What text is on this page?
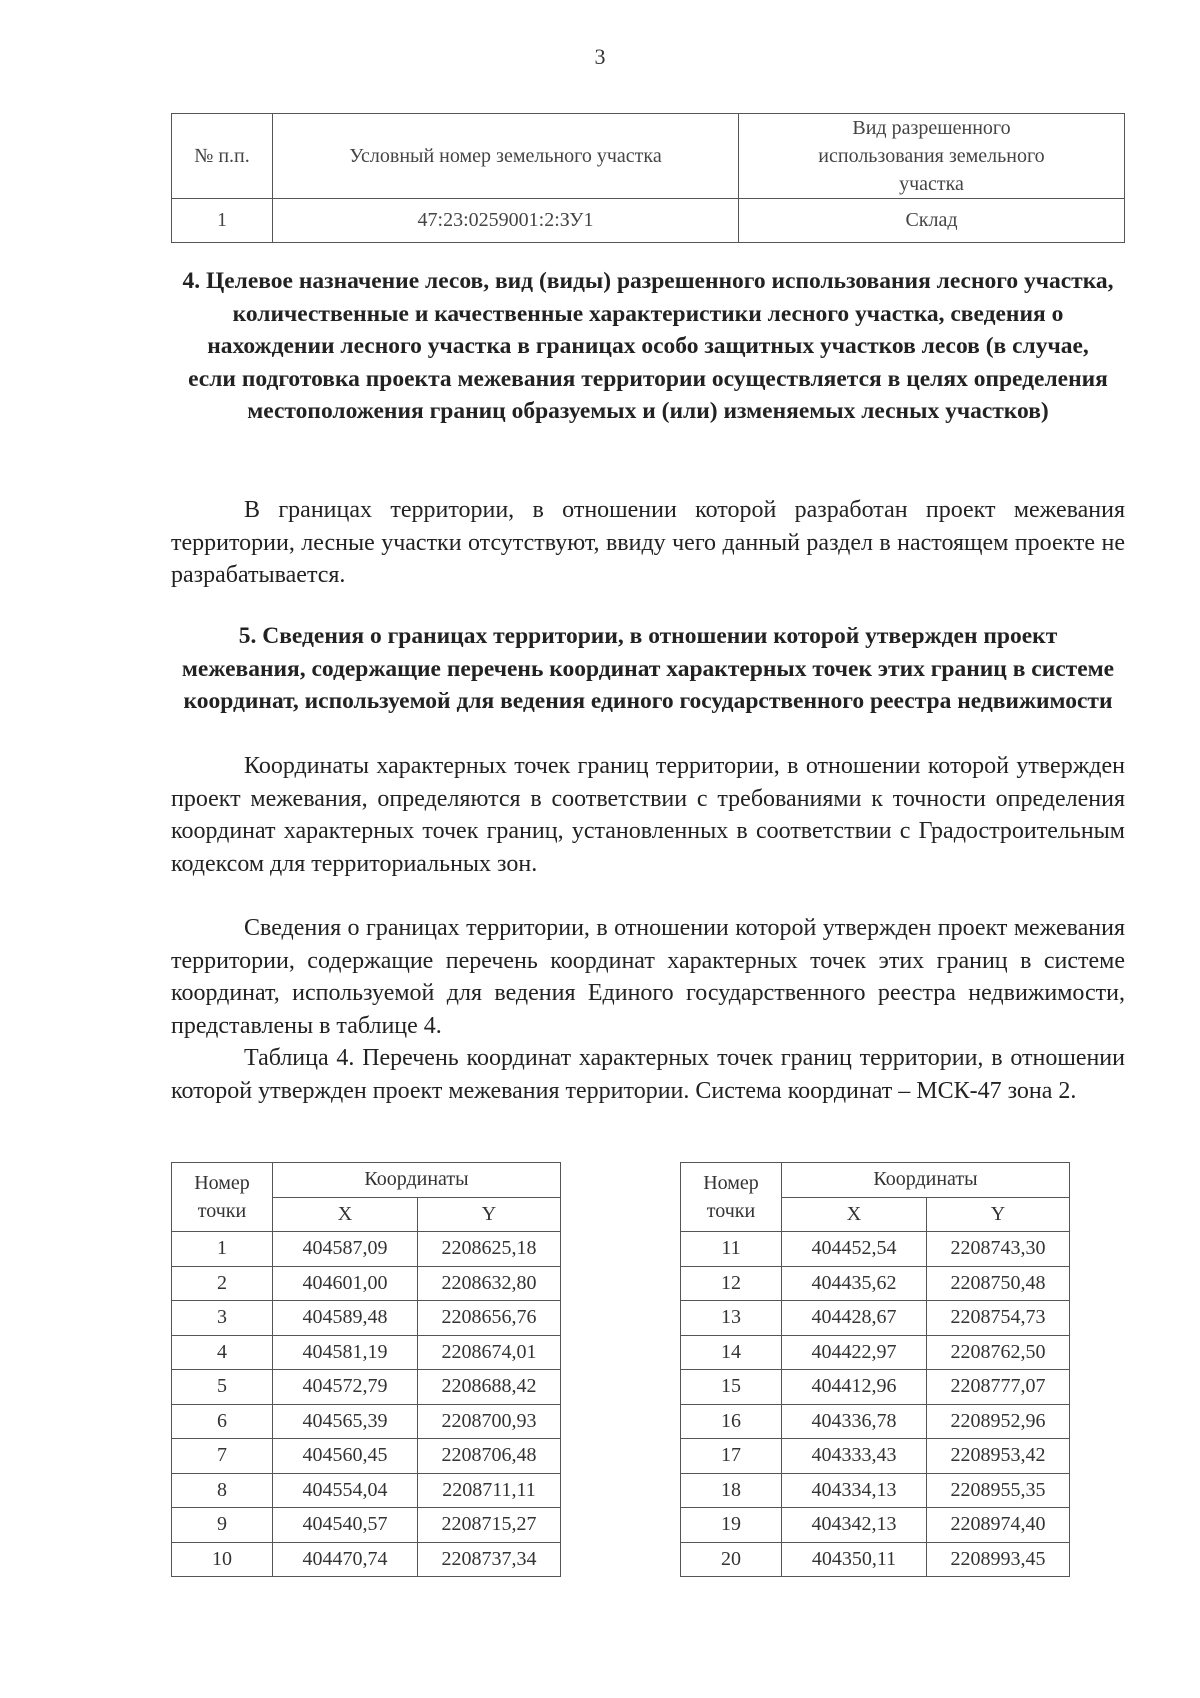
3
№ п.п.	Условный номер земельного участка	Вид разрешенного использования земельного участка
1	47:23:0259001:2:ЗУ1	Склад
4. Целевое назначение лесов, вид (виды) разрешенного использования лесного участка, количественные и качественные характеристики лесного участка, сведения о нахождении лесного участка в границах особо защитных участков лесов (в случае, если подготовка проекта межевания территории осуществляется в целях определения местоположения границ образуемых и (или) изменяемых лесных участков)
В границах территории, в отношении которой разработан проект межевания территории, лесные участки отсутствуют, ввиду чего данный раздел в настоящем проекте не разрабатывается.
5. Сведения о границах территории, в отношении которой утвержден проект межевания, содержащие перечень координат характерных точек этих границ в системе координат, используемой для ведения единого государственного реестра недвижимости
Координаты характерных точек границ территории, в отношении которой утвержден проект межевания, определяются в соответствии с требованиями к точности определения координат характерных точек границ, установленных в соответствии с Градостроительным кодексом для территориальных зон.
Сведения о границах территории, в отношении которой утвержден проект межевания территории, содержащие перечень координат характерных точек этих границ в системе координат, используемой для ведения Единого государственного реестра недвижимости, представлены в таблице 4.
Таблица 4. Перечень координат характерных точек границ территории, в отношении которой утвержден проект межевания территории. Система координат – МСК-47 зона 2.
Номер точки	Координаты	
	X	Y
1	404587,09	2208625,18
2	404601,00	2208632,80
3	404589,48	2208656,76
4	404581,19	2208674,01
5	404572,79	2208688,42
6	404565,39	2208700,93
7	404560,45	2208706,48
8	404554,04	2208711,11
9	404540,57	2208715,27
10	404470,74	2208737,34
Номер точки	Координаты	
	X	Y
11	404452,54	2208743,30
12	404435,62	2208750,48
13	404428,67	2208754,73
14	404422,97	2208762,50
15	404412,96	2208777,07
16	404336,78	2208952,96
17	404333,43	2208953,42
18	404334,13	2208955,35
19	404342,13	2208974,40
20	404350,11	2208993,45
